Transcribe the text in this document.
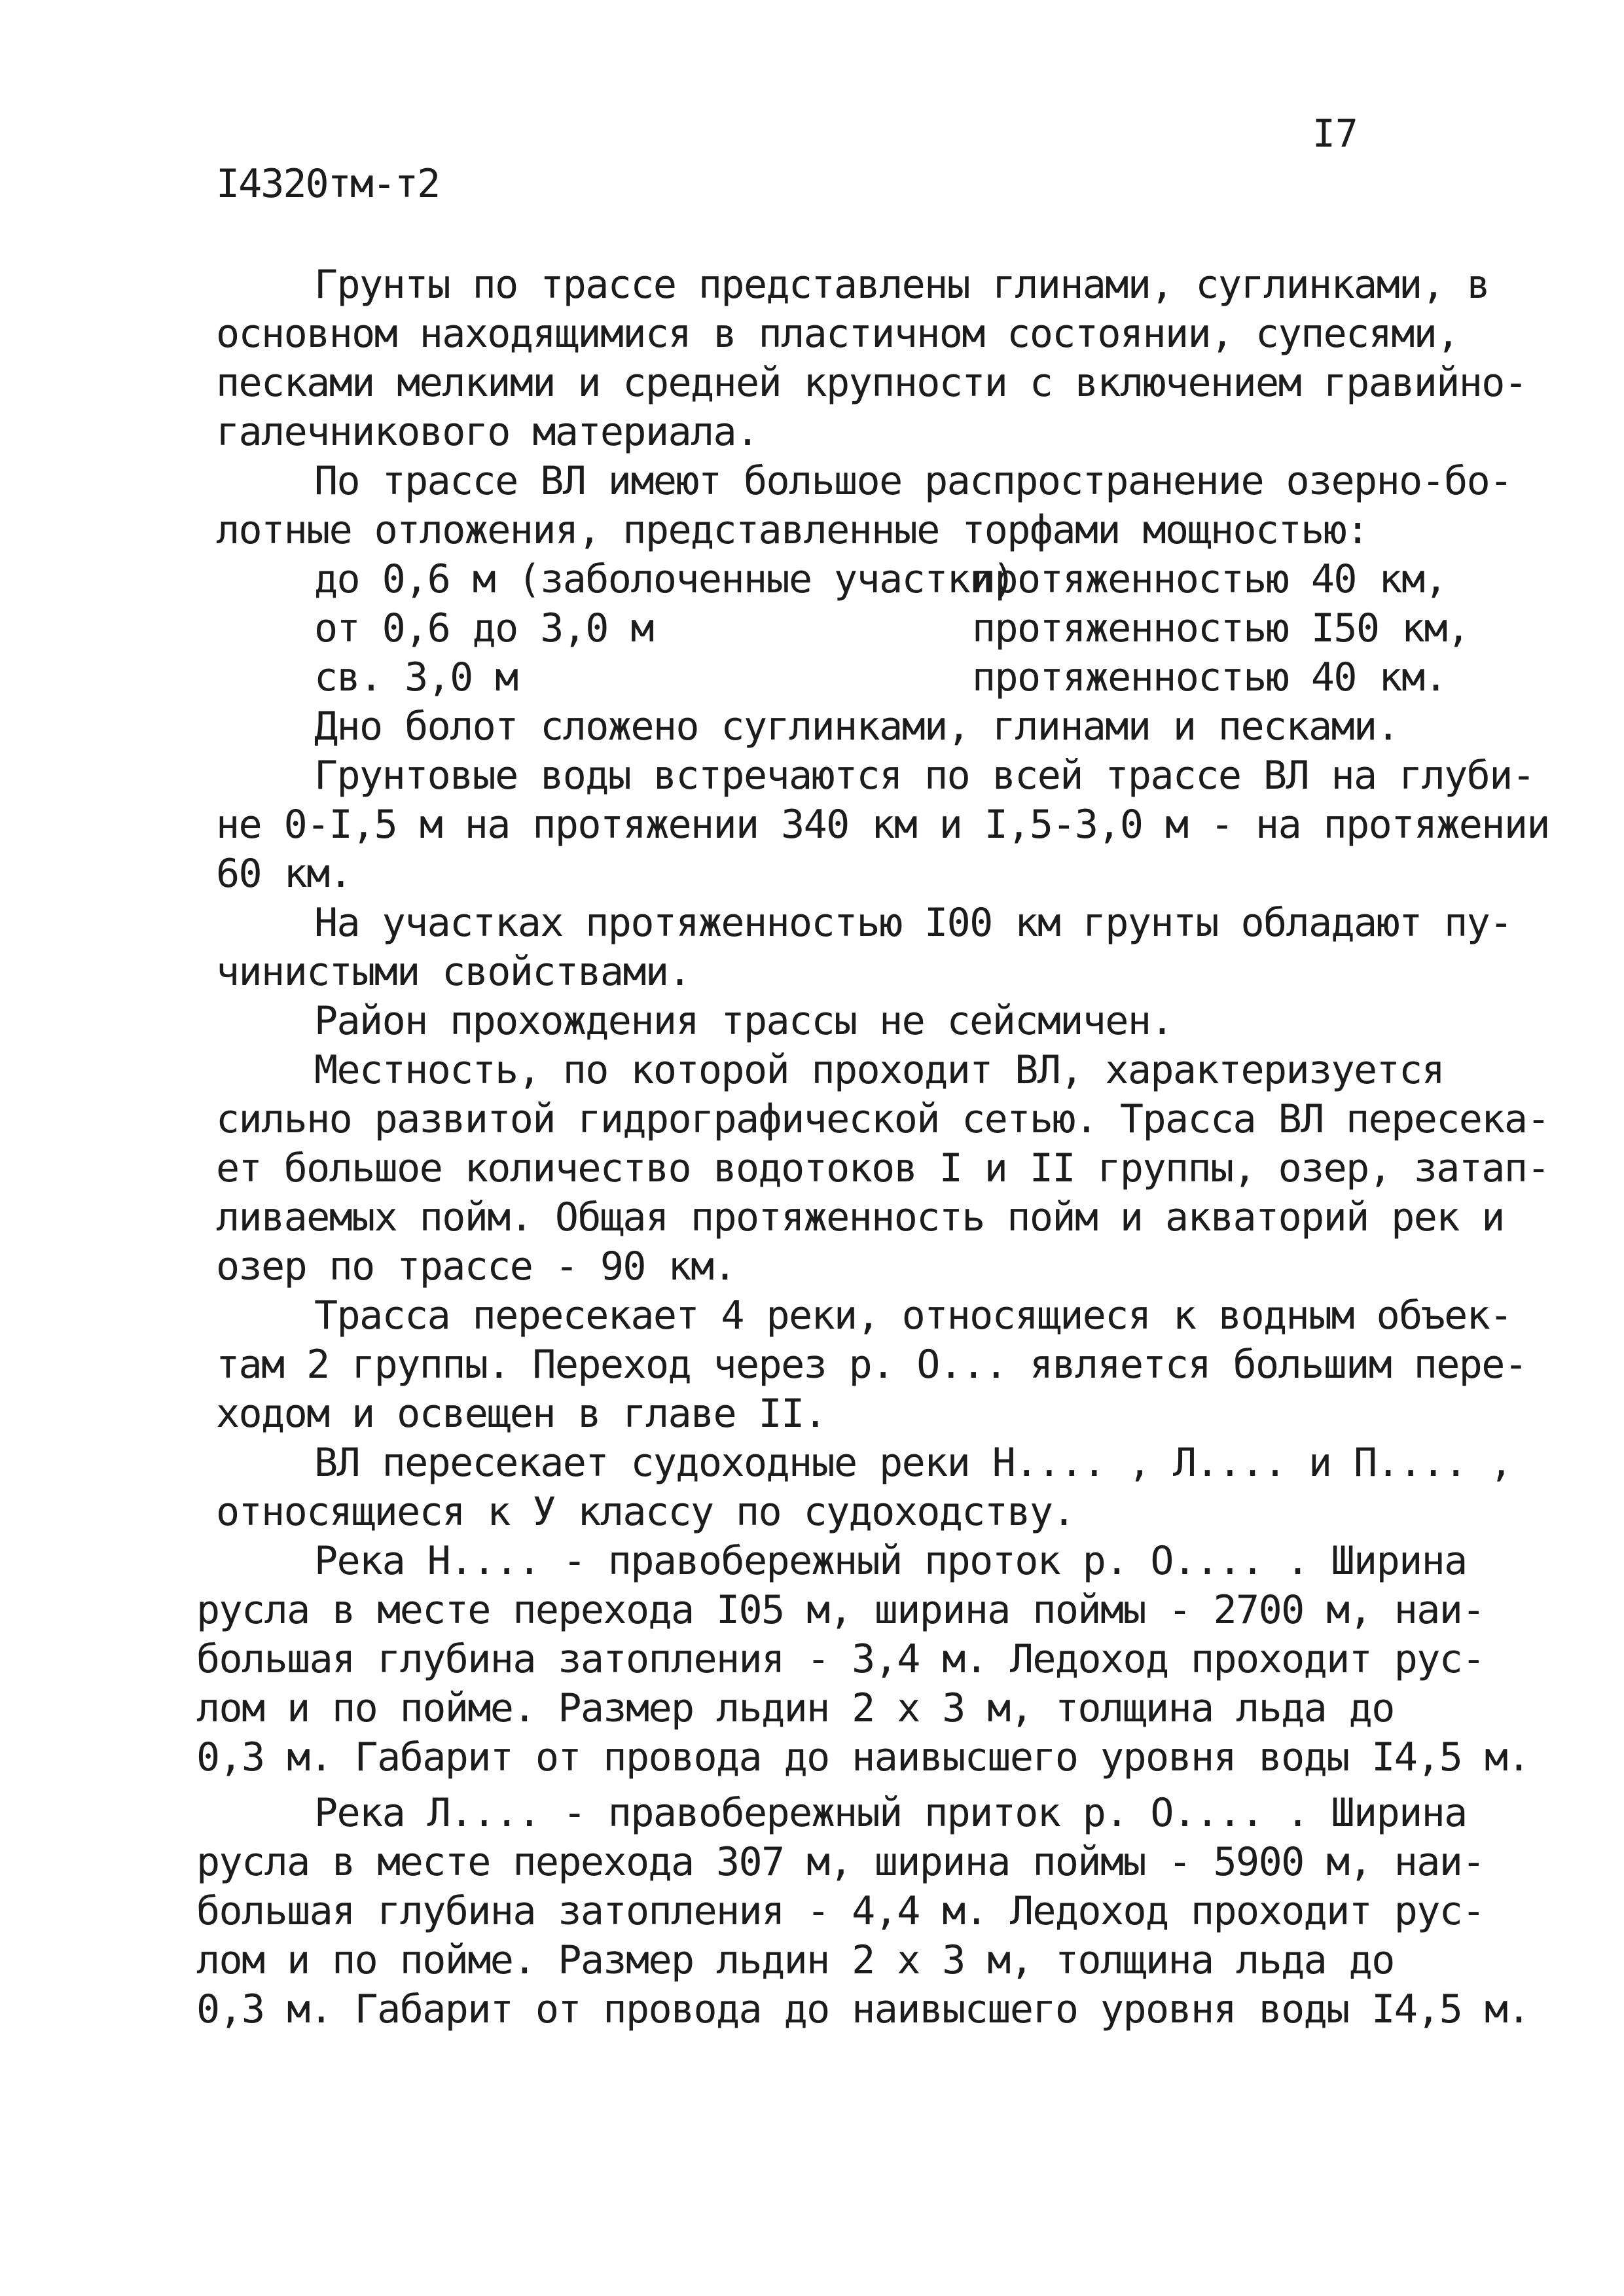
I7
I4320тм-т2
Грунты по трассе представлены глинами, суглинками, в
основном находящимися в пластичном состоянии, супесями,
песками мелкими и средней крупности с включением гравийно-
галечникового материала.
По трассе ВЛ имеют большое распространение озерно-бо-
лотные отложения, представленные торфами мощностью:
до 0,6 м (заболоченные участки)
протяженностью 40 км,
от 0,6 до 3,0 м	протяженностью I50 км,
св. 3,0 м	протяженностью 40 км.
Дно болот сложено суглинками, глинами и песками.
Грунтовые воды встречаются по всей трассе ВЛ на глуби-
не 0-I,5 м на протяжении 340 км и I,5-3,0 м - на протяжении
60 км.
На участках протяженностью I00 км грунты обладают пу-
чинистыми свойствами.
Район прохождения трассы не сейсмичен.
Местность, по которой проходит ВЛ, характеризуется
сильно развитой гидрографической сетью. Трасса ВЛ пересека-
ет большое количество водотоков I и II группы, озер, затап-
ливаемых пойм. Общая протяженность пойм и акваторий рек и
озер по трассе - 90 км.
Трасса пересекает 4 реки, относящиеся к водным объек-
там 2 группы. Переход через р. О... является большим пере-
ходом и освещен в главе II.
ВЛ пересекает судоходные реки Н.... , Л.... и П.... ,
относящиеся к У классу по судоходству.
Река Н.... - правобережный проток р. О.... . Ширина
русла в месте перехода I05 м, ширина поймы - 2700 м, наи-
большая глубина затопления - 3,4 м. Ледоход проходит рус-
лом и по пойме. Размер льдин 2 х 3 м, толщина льда до
0,3 м. Габарит от провода до наивысшего уровня воды I4,5 м.
Река Л.... - правобережный приток р. О.... . Ширина
русла в месте перехода 307 м, ширина поймы - 5900 м, наи-
большая глубина затопления - 4,4 м. Ледоход проходит рус-
лом и по пойме. Размер льдин 2 х 3 м, толщина льда до
0,3 м. Габарит от провода до наивысшего уровня воды I4,5 м.
